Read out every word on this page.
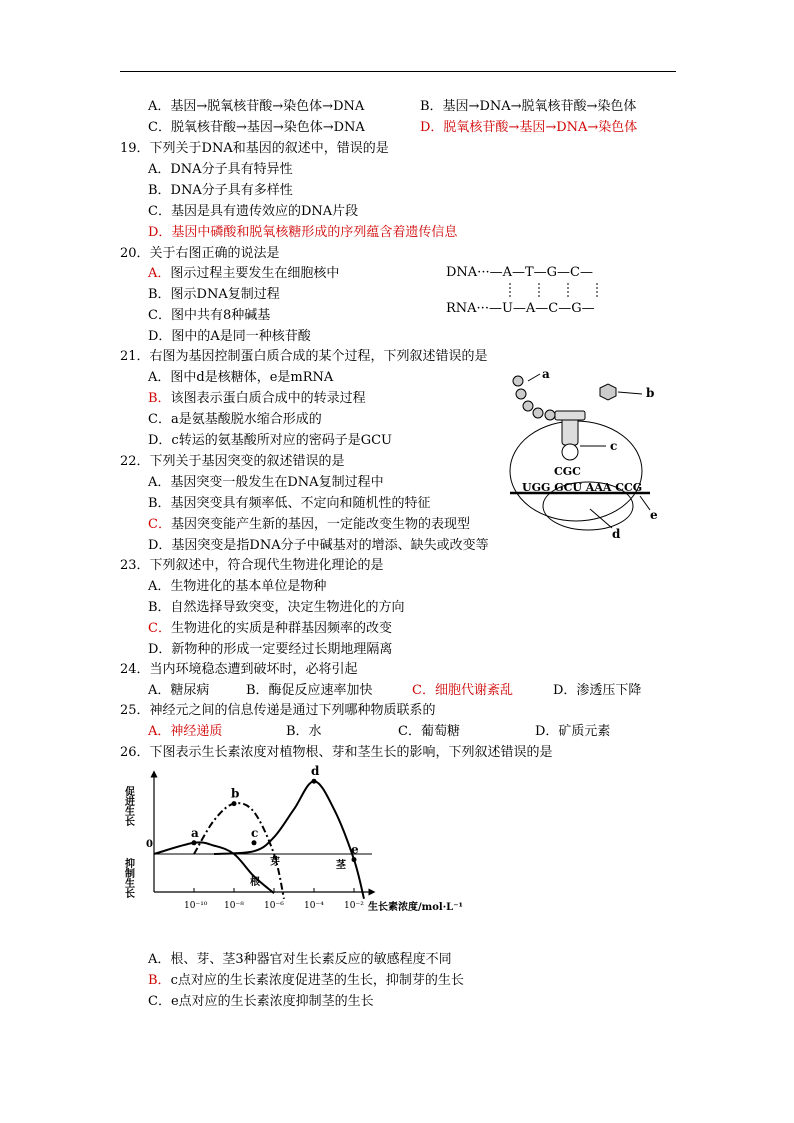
A．基因→脱氧核苷酸→染色体→DNA	B．基因→DNA→脱氧核苷酸→染色体
C．脱氧核苷酸→基因→染色体→DNA	D．脱氧核苷酸→基因→DNA→染色体
19．下列关于DNA和基因的叙述中，错误的是
A．DNA分子具有特异性
B．DNA分子具有多样性
C．基因是具有遗传效应的DNA片段
D．基因中磷酸和脱氧核糖形成的序列蕴含着遗传信息
20．关于右图正确的说法是
A．图示过程主要发生在细胞核中
B．图示DNA复制过程
C．图中共有8种碱基
D．图中的A是同一种核苷酸
DNA···—A—T—G—C—
RNA···—U—A—C—G—
21．右图为基因控制蛋白质合成的某个过程，下列叙述错误的是
A．图中d是核糖体，e是mRNA
B．该图表示蛋白质合成中的转录过程
C．a是氨基酸脱水缩合形成的
D．c转运的氨基酸所对应的密码子是GCU
UGG GCU AAA CCG
CGC
a
b
c
d
e
22．下列关于基因突变的叙述错误的是
A．基因突变一般发生在DNA复制过程中
B．基因突变具有频率低、不定向和随机性的特征
C．基因突变能产生新的基因，一定能改变生物的表现型
D．基因突变是指DNA分子中碱基对的增添、缺失或改变等
23．下列叙述中，符合现代生物进化理论的是
A．生物进化的基本单位是物种
B．自然选择导致突变，决定生物进化的方向
C．生物进化的实质是种群基因频率的改变
D．新物种的形成一定要经过长期地理隔离
24．当内环境稳态遭到破坏时，必将引起
A．糖尿病	B．酶促反应速率加快	C．细胞代谢紊乱	D．渗透压下降
25．神经元之间的信息传递是通过下列哪种物质联系的
A．神经递质	B．水	C．葡萄糖	D．矿质元素
26．下图表示生长素浓度对植物根、芽和茎生长的影响，下列叙述错误的是
0
促进生长
抑制生长
生长素浓度/mol·L⁻¹
10⁻¹⁰ 10⁻⁸ 10⁻⁶ 10⁻⁴ 10⁻²
根
芽	茎
a
b
c
d
e
A．根、芽、茎3种器官对生长素反应的敏感程度不同
B．c点对应的生长素浓度促进茎的生长，抑制芽的生长
C．e点对应的生长素浓度抑制茎的生长
